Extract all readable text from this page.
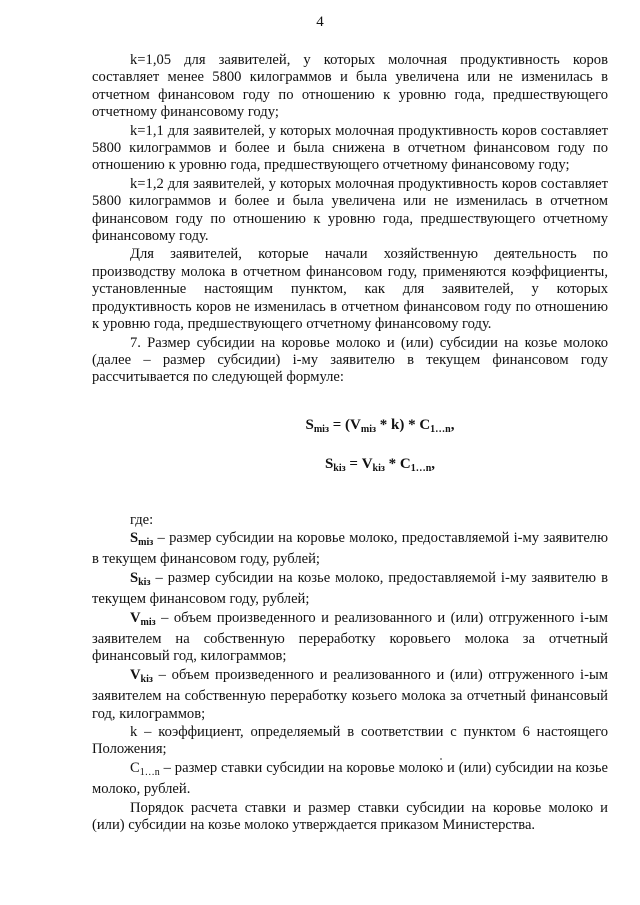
4

k=1,05 для заявителей, у которых молочная продуктивность коров составляет менее 5800 килограммов и была увеличена или не изменилась в отчетном финансовом году по отношению к уровню года, предшествующего отчетному финансовому году;

k=1,1 для заявителей, у которых молочная продуктивность коров составляет 5800 килограммов и более и была снижена в отчетном финансовом году по отношению к уровню года, предшествующего отчетному финансовому году;

k=1,2 для заявителей, у которых молочная продуктивность коров составляет 5800 килограммов и более и была увеличена или не изменилась в отчетном финансовом году по отношению к уровню года, предшествующего отчетному финансовому году.

Для заявителей, которые начали хозяйственную деятельность по производству молока в отчетном финансовом году, применяются коэффициенты, установленные настоящим пунктом, как для заявителей, у которых продуктивность коров не изменилась в отчетном финансовом году по отношению к уровню года, предшествующего отчетному финансовому году.

7. Размер субсидии на коровье молоко и (или) субсидии на козье молоко (далее – размер субсидии) i-му заявителю в текущем финансовом году рассчитывается по следующей формуле:

$S_{miз} = (V_{miз} * k) * C_{1\dots n}$,

$S_{kiз} = V_{kiз} * C_{1\dots n}$,

где:

$S_{miз}$ – размер субсидии на коровье молоко, предоставляемой i-му заявителю в текущем финансовом году, рублей;

$S_{kiз}$ – размер субсидии на козье молоко, предоставляемой i-му заявителю в текущем финансовом году, рублей;

$V_{miз}$ – объем произведенного и реализованного и (или) отгруженного i-ым заявителем на собственную переработку коровьего молока за отчетный финансовый год, килограммов;

$V_{kiз}$ – объем произведенного и реализованного и (или) отгруженного i-ым заявителем на собственную переработку козьего молока за отчетный финансовый год, килограммов;

k – коэффициент, определяемый в соответствии с пунктом 6 настоящего Положения;

$C_{1\dots n}$ – размер ставки субсидии на коровье молоко и (или) субсидии на козье молоко, рублей.

Порядок расчета ставки и размер ставки субсидии на коровье молоко и (или) субсидии на козье молоко утверждается приказом Министерства.
